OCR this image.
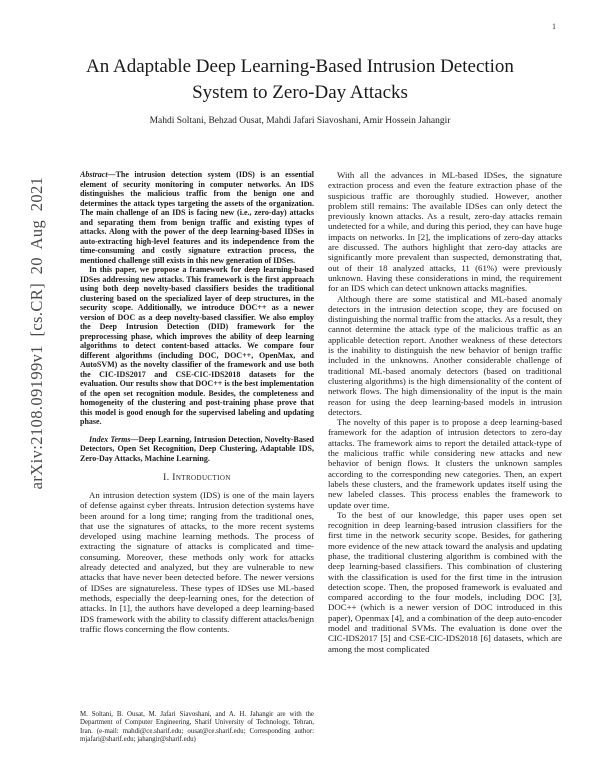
1
arXiv:2108.09199v1 [cs.CR] 20 Aug 2021
An Adaptable Deep Learning-Based Intrusion Detection System to Zero-Day Attacks
Mahdi Soltani, Behzad Ousat, Mahdi Jafari Siavoshani, Amir Hossein Jahangir

Abstract—The intrusion detection system (IDS) is an essential element of security monitoring in computer networks. An IDS distinguishes the malicious traffic from the benign one and determines the attack types targeting the assets of the organization. The main challenge of an IDS is facing new (i.e., zero-day) attacks and separating them from benign traffic and existing types of attacks. Along with the power of the deep learning-based IDSes in auto-extracting high-level features and its independence from the time-consuming and costly signature extraction process, the mentioned challenge still exists in this new generation of IDSes.

In this paper, we propose a framework for deep learning-based IDSes addressing new attacks. This framework is the first approach using both deep novelty-based classifiers besides the traditional clustering based on the specialized layer of deep structures, in the security scope. Additionally, we introduce DOC++ as a newer version of DOC as a deep novelty-based classifier. We also employ the Deep Intrusion Detection (DID) framework for the preprocessing phase, which improves the ability of deep learning algorithms to detect content-based attacks. We compare four different algorithms (including DOC, DOC++, OpenMax, and AutoSVM) as the novelty classifier of the framework and use both the CIC-IDS2017 and CSE-CIC-IDS2018 datasets for the evaluation. Our results show that DOC++ is the best implementation of the open set recognition module. Besides, the completeness and homogeneity of the clustering and post-training phase prove that this model is good enough for the supervised labeling and updating phase.

Index Terms—Deep Learning, Intrusion Detection, Novelty-Based Detectors, Open Set Recognition, Deep Clustering, Adaptable IDS, Zero-Day Attacks, Machine Learning.

I. Introduction

An intrusion detection system (IDS) is one of the main layers of defense against cyber threats. Intrusion detection systems have been around for a long time; ranging from the traditional ones, that use the signatures of attacks, to the more recent systems developed using machine learning methods. The process of extracting the signature of attacks is complicated and time-consuming. Moreover, these methods only work for attacks already detected and analyzed, but they are vulnerable to new attacks that have never been detected before. The newer versions of IDSes are signatureless. These types of IDSes use ML-based methods, especially the deep-learning ones, for the detection of attacks. In [1], the authors have developed a deep learning-based IDS framework with the ability to classify different attacks/benign traffic flows concerning the flow contents.

M. Soltani, B. Ousat, M. Jafari Siavoshani, and A. H. Jahangir are with the Department of Computer Engineering, Sharif University of Technology, Tehran, Iran. (e-mail: mahdi@ce.sharif.edu; ousat@ce.sharif.edu; Corresponding author: mjafari@sharif.edu; jahangir@sharif.edu)

With all the advances in ML-based IDSes, the signature extraction process and even the feature extraction phase of the suspicious traffic are thoroughly studied. However, another problem still remains: The available IDSes can only detect the previously known attacks. As a result, zero-day attacks remain undetected for a while, and during this period, they can have huge impacts on networks. In [2], the implications of zero-day attacks are discussed. The authors highlight that zero-day attacks are significantly more prevalent than suspected, demonstrating that, out of their 18 analyzed attacks, 11 (61%) were previously unknown. Having these considerations in mind, the requirement for an IDS which can detect unknown attacks magnifies.

Although there are some statistical and ML-based anomaly detectors in the intrusion detection scope, they are focused on distinguishing the normal traffic from the attacks. As a result, they cannot determine the attack type of the malicious traffic as an applicable detection report. Another weakness of these detectors is the inability to distinguish the new behavior of benign traffic included in the unknowns. Another considerable challenge of traditional ML-based anomaly detectors (based on traditional clustering algorithms) is the high dimensionality of the content of network flows. The high dimensionality of the input is the main reason for using the deep learning-based models in intrusion detectors.

The novelty of this paper is to propose a deep learning-based framework for the adaption of intrusion detectors to zero-day attacks. The framework aims to report the detailed attack-type of the malicious traffic while considering new attacks and new behavior of benign flows. It clusters the unknown samples according to the corresponding new categories. Then, an expert labels these clusters, and the framework updates itself using the new labeled classes. This process enables the framework to update over time.

To the best of our knowledge, this paper uses open set recognition in deep learning-based intrusion classifiers for the first time in the network security scope. Besides, for gathering more evidence of the new attack toward the analysis and updating phase, the traditional clustering algorithm is combined with the deep learning-based classifiers. This combination of clustering with the classification is used for the first time in the intrusion detection scope. Then, the proposed framework is evaluated and compared according to the four models, including DOC [3], DOC++ (which is a newer version of DOC introduced in this paper), Openmax [4], and a combination of the deep auto-encoder model and traditional SVMs. The evaluation is done over the CIC-IDS2017 [5] and CSE-CIC-IDS2018 [6] datasets, which are among the most complicated
